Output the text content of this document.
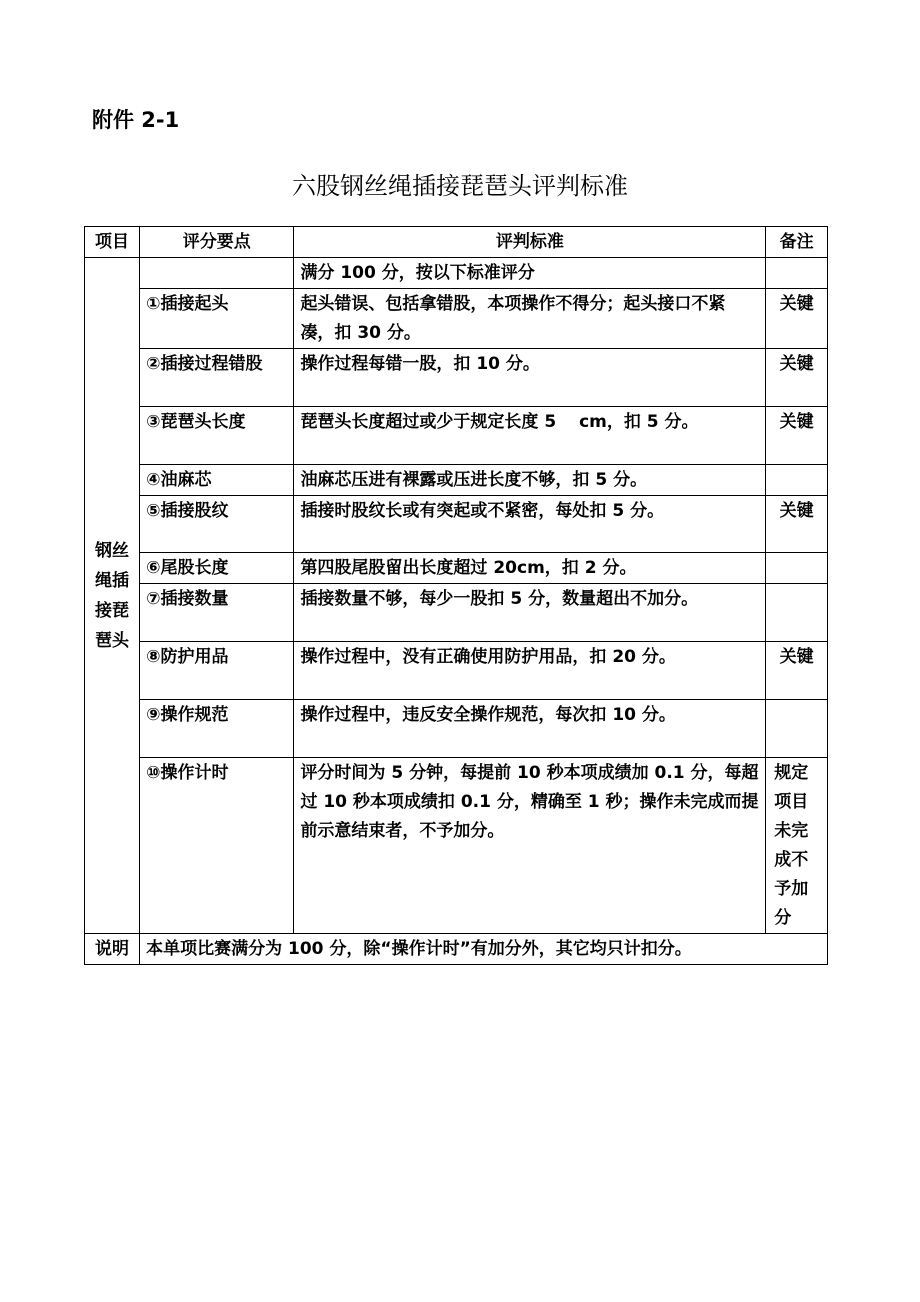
附件 2-1
六股钢丝绳插接琵琶头评判标准
项目	评分要点	评判标准	备注
钢丝绳插接琵琶头		满分 100 分，按以下标准评分	
	①插接起头	起头错误、包括拿错股，本项操作不得分；起头接口不紧凑，扣 30 分。	关键
	②插接过程错股	操作过程每错一股，扣 10 分。	关键
	③琵琶头长度	琵琶头长度超过或少于规定长度 5　 cm，扣 5 分。	关键
	④油麻芯	油麻芯压进有裸露或压进长度不够，扣 5 分。	
	⑤插接股纹	插接时股纹长或有突起或不紧密，每处扣 5 分。	关键
	⑥尾股长度	第四股尾股留出长度超过 20cm，扣 2 分。	
	⑦插接数量	插接数量不够，每少一股扣 5 分，数量超出不加分。	
	⑧防护用品	操作过程中，没有正确使用防护用品，扣 20 分。	关键
	⑨操作规范	操作过程中，违反安全操作规范，每次扣 10 分。	
	⑩操作计时	评分时间为 5 分钟，每提前 10 秒本项成绩加 0.1 分，每超过 10 秒本项成绩扣 0.1 分，精确至 1 秒；操作未完成而提前示意结束者，不予加分。	规定项目未完成不予加分
说明	本单项比赛满分为 100 分，除“操作计时”有加分外，其它均只计扣分。		
